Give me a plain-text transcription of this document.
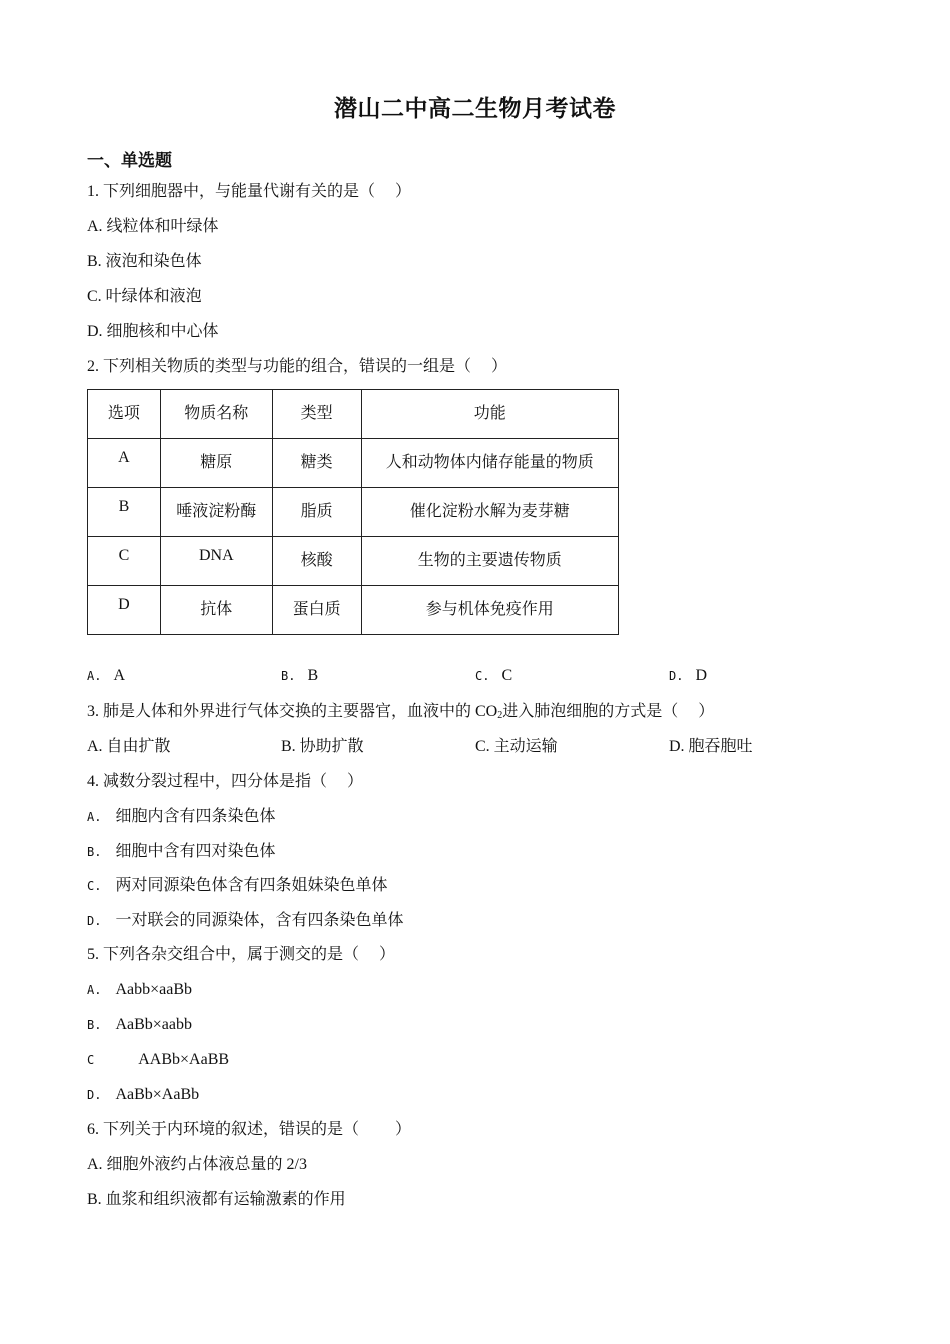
潜山二中高二生物月考试卷
一、单选题
1. 下列细胞器中，与能量代谢有关的是（　 ）
A. 线粒体和叶绿体
B. 液泡和染色体
C. 叶绿体和液泡
D. 细胞核和中心体
2. 下列相关物质的类型与功能的组合，错误的一组是（　 ）
选项	物质名称	类型	功能
A	糖原	糖类	人和动物体内储存能量的物质
B	唾液淀粉酶	脂质	催化淀粉水解为麦芽糖
C	DNA	核酸	生物的主要遗传物质
D	抗体	蛋白质	参与机体免疫作用
A. A	B. B	C. C	D. D
3. 肺是人体和外界进行气体交换的主要器官，血液中的 $CO_2$进入肺泡细胞的方式是（　 ）
A. 自由扩散	B. 协助扩散	C. 主动运输	D. 胞吞胞吐
4. 减数分裂过程中，四分体是指（　 ）
A. 细胞内含有四条染色体
B. 细胞中含有四对染色体
C. 两对同源染色体含有四条姐妹染色单体
D. 一对联会的同源染体，含有四条染色单体
5. 下列各杂交组合中，属于测交的是（　 ）
A. Aabb×aaBb
B. AaBb×aabb
C	AABb×AaBB
D. AaBb×AaBb
6. 下列关于内环境的叙述，错误的是（　　 ）
A. 细胞外液约占体液总量的 2/3
B. 血浆和组织液都有运输激素的作用
